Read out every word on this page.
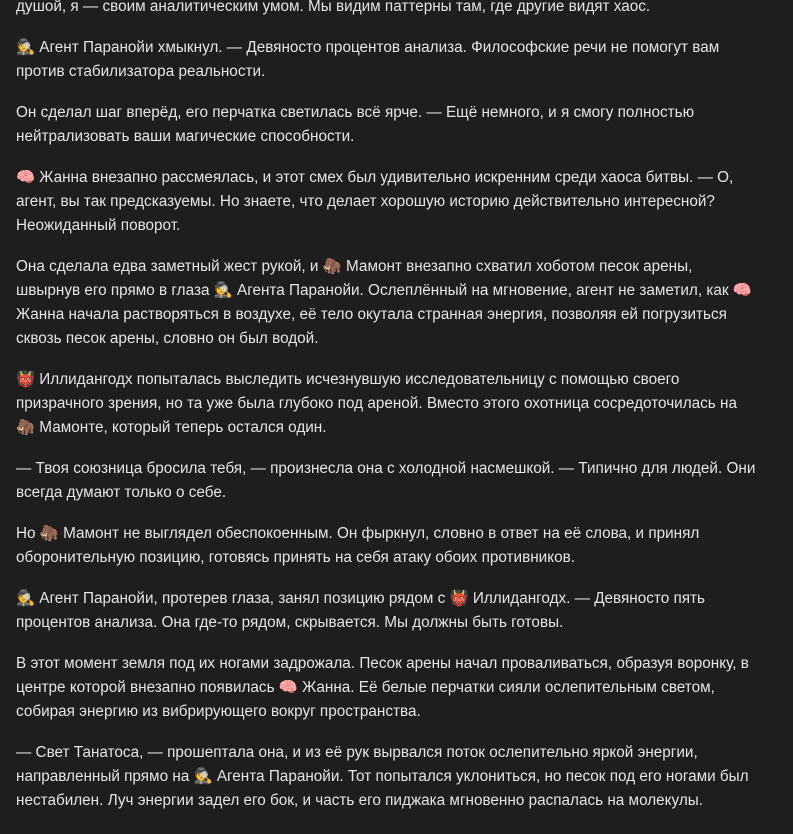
душой, я — своим аналитическим умом. Мы видим паттерны там, где другие видят хаос.

🕵️ Агент Паранойи хмыкнул. — Девяносто процентов анализа. Философские речи не помогут вам против стабилизатора реальности.

Он сделал шаг вперёд, его перчатка светилась всё ярче. — Ещё немного, и я смогу полностью нейтрализовать ваши магические способности.

🧠 Жанна внезапно рассмеялась, и этот смех был удивительно искренним среди хаоса битвы. — О, агент, вы так предсказуемы. Но знаете, что делает хорошую историю действительно интересной? Неожиданный поворот.

Она сделала едва заметный жест рукой, и 🦣 Мамонт внезапно схватил хоботом песок арены, швырнув его прямо в глаза 🕵️ Агента Паранойи. Ослеплённый на мгновение, агент не заметил, как 🧠 Жанна начала растворяться в воздухе, её тело окутала странная энергия, позволяя ей погрузиться сквозь песок арены, словно он был водой.

👹 Иллидангодх попыталась выследить исчезнувшую исследовательницу с помощью своего призрачного зрения, но та уже была глубоко под ареной. Вместо этого охотница сосредоточилась на 🦣 Мамонте, который теперь остался один.

— Твоя союзница бросила тебя, — произнесла она с холодной насмешкой. — Типично для людей. Они всегда думают только о себе.

Но 🦣 Мамонт не выглядел обеспокоенным. Он фыркнул, словно в ответ на её слова, и принял оборонительную позицию, готовясь принять на себя атаку обоих противников.

🕵️ Агент Паранойи, протерев глаза, занял позицию рядом с 👹 Иллидангодх. — Девяносто пять процентов анализа. Она где-то рядом, скрывается. Мы должны быть готовы.

В этот момент земля под их ногами задрожала. Песок арены начал проваливаться, образуя воронку, в центре которой внезапно появилась 🧠 Жанна. Её белые перчатки сияли ослепительным светом, собирая энергию из вибрирующего вокруг пространства.

— Свет Танатоса, — прошептала она, и из её рук вырвался поток ослепительно яркой энергии, направленный прямо на 🕵️ Агента Паранойи. Тот попытался уклониться, но песок под его ногами был нестабилен. Луч энергии задел его бок, и часть его пиджака мгновенно распалась на молекулы.
